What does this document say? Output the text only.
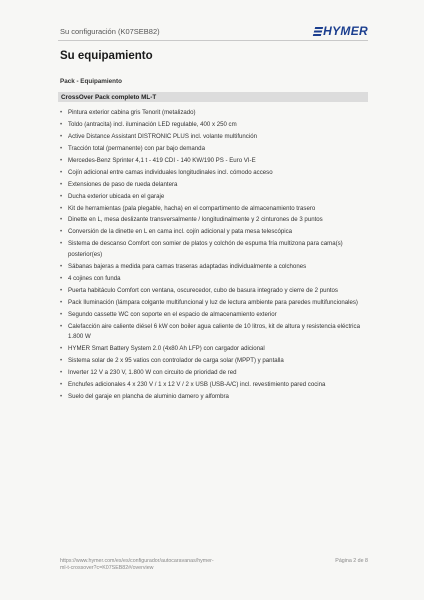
Su configuración (K07SEB82)	HYMER
Su equipamiento
Pack - Equipamiento
CrossOver Pack completo ML-T
• Pintura exterior cabina gris Tenorit (metalizado)
• Toldo (antracita) incl. iluminación LED regulable, 400 x 250 cm
• Active Distance Assistant DISTRONIC PLUS incl. volante multifunción
• Tracción total (permanente) con par bajo demanda
• Mercedes-Benz Sprinter 4,1 t - 419 CDI - 140 KW/190 PS - Euro VI-E
• Cojín adicional entre camas individuales longitudinales incl. cómodo acceso
• Extensiones de paso de rueda delantera
• Ducha exterior ubicada en el garaje
• Kit de herramientas (pala plegable, hacha) en el compartimento de almacenamiento trasero
• Dinette en L, mesa deslizante transversalmente / longitudinalmente y 2 cinturones de 3 puntos
• Conversión de la dinette en L en cama incl. cojín adicional y pata mesa telescópica
• Sistema de descanso Comfort con somier de platos y colchón de espuma fría multizona para cama(s) posterior(es)
• Sábanas bajeras a medida para camas traseras adaptadas individualmente a colchones
• 4 cojines con funda
• Puerta habitáculo Comfort con ventana, oscurecedor, cubo de basura integrado y cierre de 2 puntos
• Pack Iluminación (lámpara colgante multifuncional y luz de lectura ambiente para paredes multifuncionales)
• Segundo cassette WC con soporte en el espacio de almacenamiento exterior
• Calefacción aire caliente diésel 6 kW con boiler agua caliente de 10 litros, kit de altura y resistencia eléctrica 1.800 W
• HYMER Smart Battery System 2.0 (4x80 Ah LFP) con cargador adicional
• Sistema solar de 2 x 95 vatios con controlador de carga solar (MPPT) y pantalla
• Inverter 12 V a 230 V, 1.800 W con circuito de prioridad de red
• Enchufes adicionales 4 x 230 V / 1 x 12 V / 2 x USB (USB-A/C) incl. revestimiento pared cocina
• Suelo del garaje en plancha de aluminio damero y alfombra
https://www.hymer.com/es/es/configurador/autocaravanas/hymer-ml-t-crossover?c=K07SEB82#/overview
Página 2 de 8
